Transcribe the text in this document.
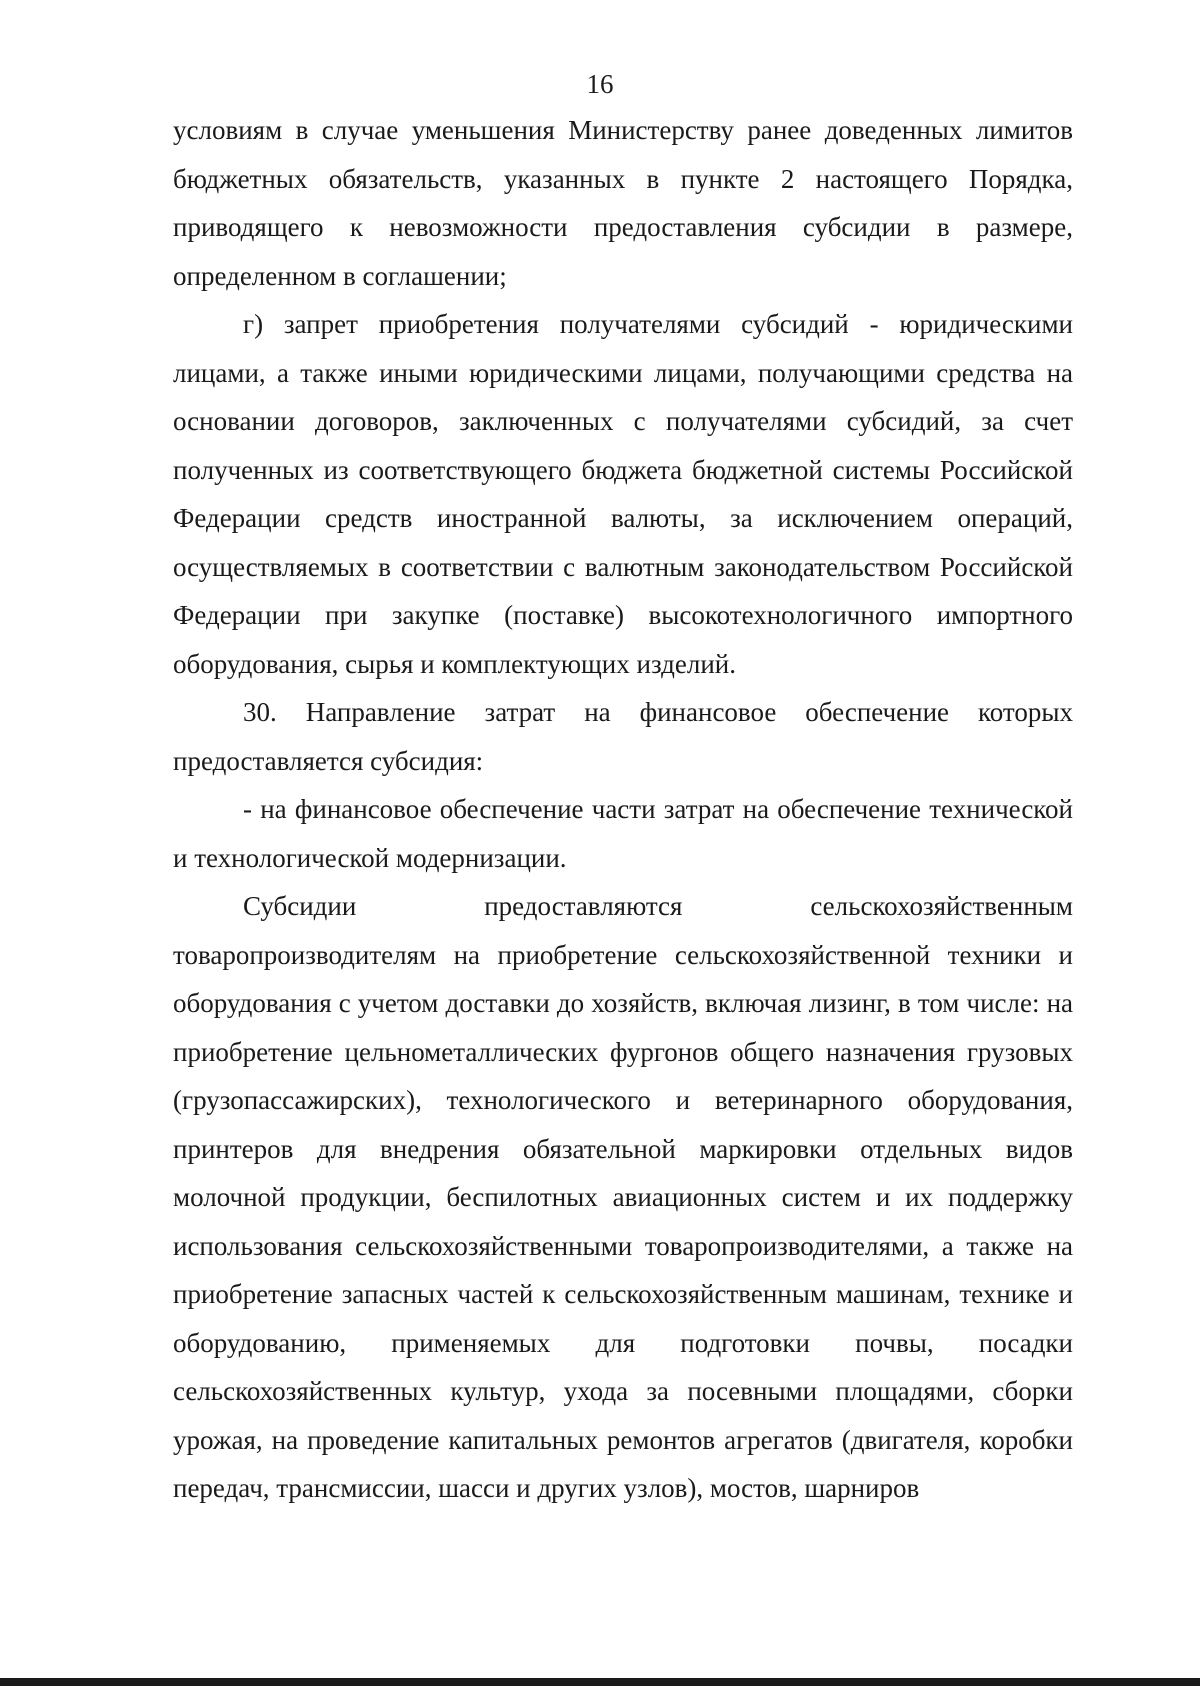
16

условиям в случае уменьшения Министерству ранее доведенных лимитов бюджетных обязательств, указанных в пункте 2 настоящего Порядка, приводящего к невозможности предоставления субсидии в размере, определенном в соглашении;

г) запрет приобретения получателями субсидий - юридическими лицами, а также иными юридическими лицами, получающими средства на основании договоров, заключенных с получателями субсидий, за счет полученных из соответствующего бюджета бюджетной системы Российской Федерации средств иностранной валюты, за исключением операций, осуществляемых в соответствии с валютным законодательством Российской Федерации при закупке (поставке) высокотехнологичного импортного оборудования, сырья и комплектующих изделий.

30. Направление затрат на финансовое обеспечение которых предоставляется субсидия:

- на финансовое обеспечение части затрат на обеспечение технической и технологической модернизации.

Субсидии предоставляются сельскохозяйственным товаропроизводителям на приобретение сельскохозяйственной техники и оборудования с учетом доставки до хозяйств, включая лизинг, в том числе: на приобретение цельнометаллических фургонов общего назначения грузовых (грузопассажирских), технологического и ветеринарного оборудования, принтеров для внедрения обязательной маркировки отдельных видов молочной продукции, беспилотных авиационных систем и их поддержку использования сельскохозяйственными товаропроизводителями, а также на приобретение запасных частей к сельскохозяйственным машинам, технике и оборудованию, применяемых для подготовки почвы, посадки сельскохозяйственных культур, ухода за посевными площадями, сборки урожая, на проведение капитальных ремонтов агрегатов (двигателя, коробки передач, трансмиссии, шасси и других узлов), мостов, шарниров
